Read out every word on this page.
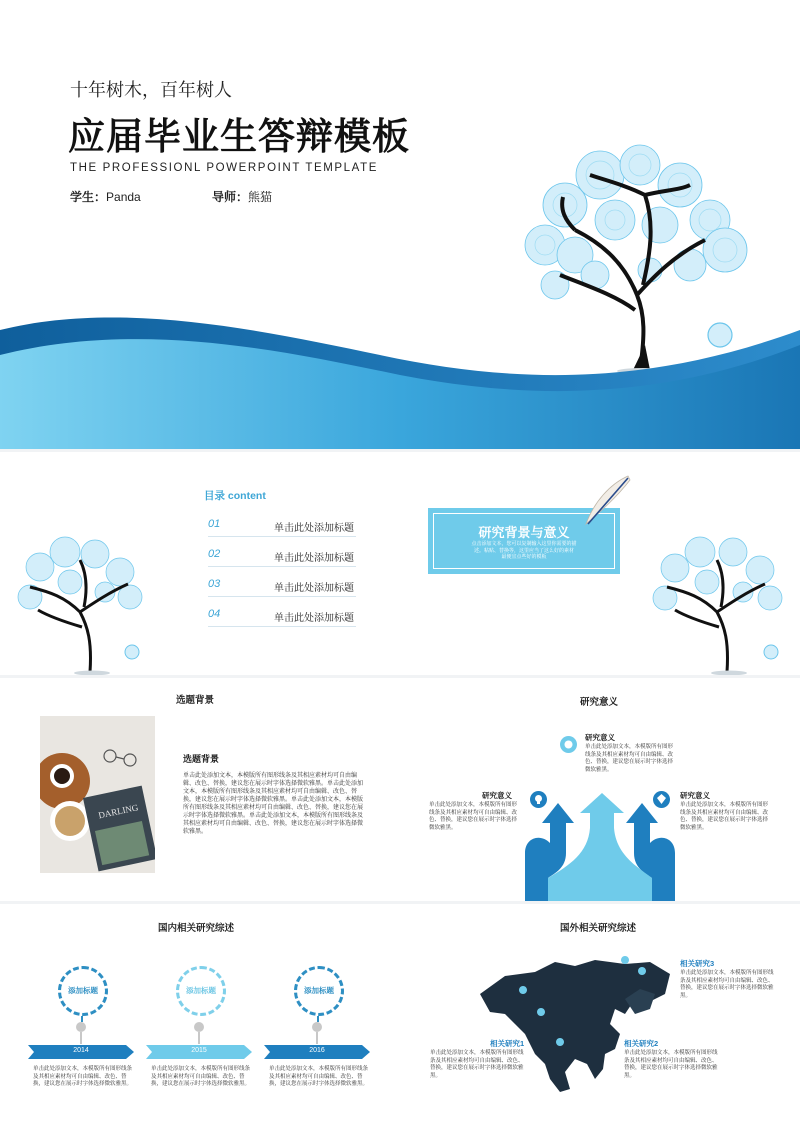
十年树木，百年树人
应届毕业生答辩模板
THE PROFESSIONL POWERPOINT TEMPLATE
学生：Panda	导师：熊猫
目录 content
01	单击此处添加标题
02	单击此处添加标题
03	单击此处添加标题
04	单击此处添加标题
研究背景与意义
点击添加文本，您可以复制输入这里你需要的描
述。粘贴、替换等，这里应当了这么好的素材
最便宜点些好的模板
选题背景
DARLING
选题背景
单击此处添加文本，本模版所有图形线条及其相应素材均可自由编辑、改色、替换，建议您在展示时字体选择微软雅黑。单击此处添加文本，本模版所有图形线条及其相应素材均可自由编辑、改色、替换，建议您在展示时字体选择微软雅黑。单击此处添加文本，本模版所有图形线条及其相应素材均可自由编辑、改色、替换，建议您在展示时字体选择微软雅黑。单击此处添加文本，本模版所有图形线条及其相应素材均可自由编辑、改色、替换，建议您在展示时字体选择微软雅黑。
研究意义
研究意义
单击此处添加文本，本模版所有图形线条及其相应素材均可自由编辑、改色、替换，建议您在展示时字体选择微软雅黑。
研究意义
单击此处添加文本，本模版所有图形线条及其相应素材均可自由编辑、改色、替换，建议您在展示时字体选择微软雅黑。
研究意义
单击此处添加文本，本模版所有图形线条及其相应素材均可自由编辑、改色、替换，建议您在展示时字体选择微软雅黑。
国内相关研究综述
添加标题
2014
单击此处添加文本，本模版所有图形线条及其相应素材均可自由编辑、改色、替换，建议您在展示时字体选择微软雅黑。
添加标题
2015
单击此处添加文本，本模版所有图形线条及其相应素材均可自由编辑、改色、替换，建议您在展示时字体选择微软雅黑。
添加标题
2016
单击此处添加文本，本模版所有图形线条及其相应素材均可自由编辑、改色、替换，建议您在展示时字体选择微软雅黑。
国外相关研究综述
相关研究1
单击此处添加文本，本模版所有图形线条及其相应素材均可自由编辑、改色、替换，建议您在展示时字体选择微软雅黑。
相关研究2
单击此处添加文本，本模版所有图形线条及其相应素材均可自由编辑、改色、替换，建议您在展示时字体选择微软雅黑。
相关研究3
单击此处添加文本，本模版所有图形线条及其相应素材均可自由编辑、改色、替换，建议您在展示时字体选择微软雅黑。
